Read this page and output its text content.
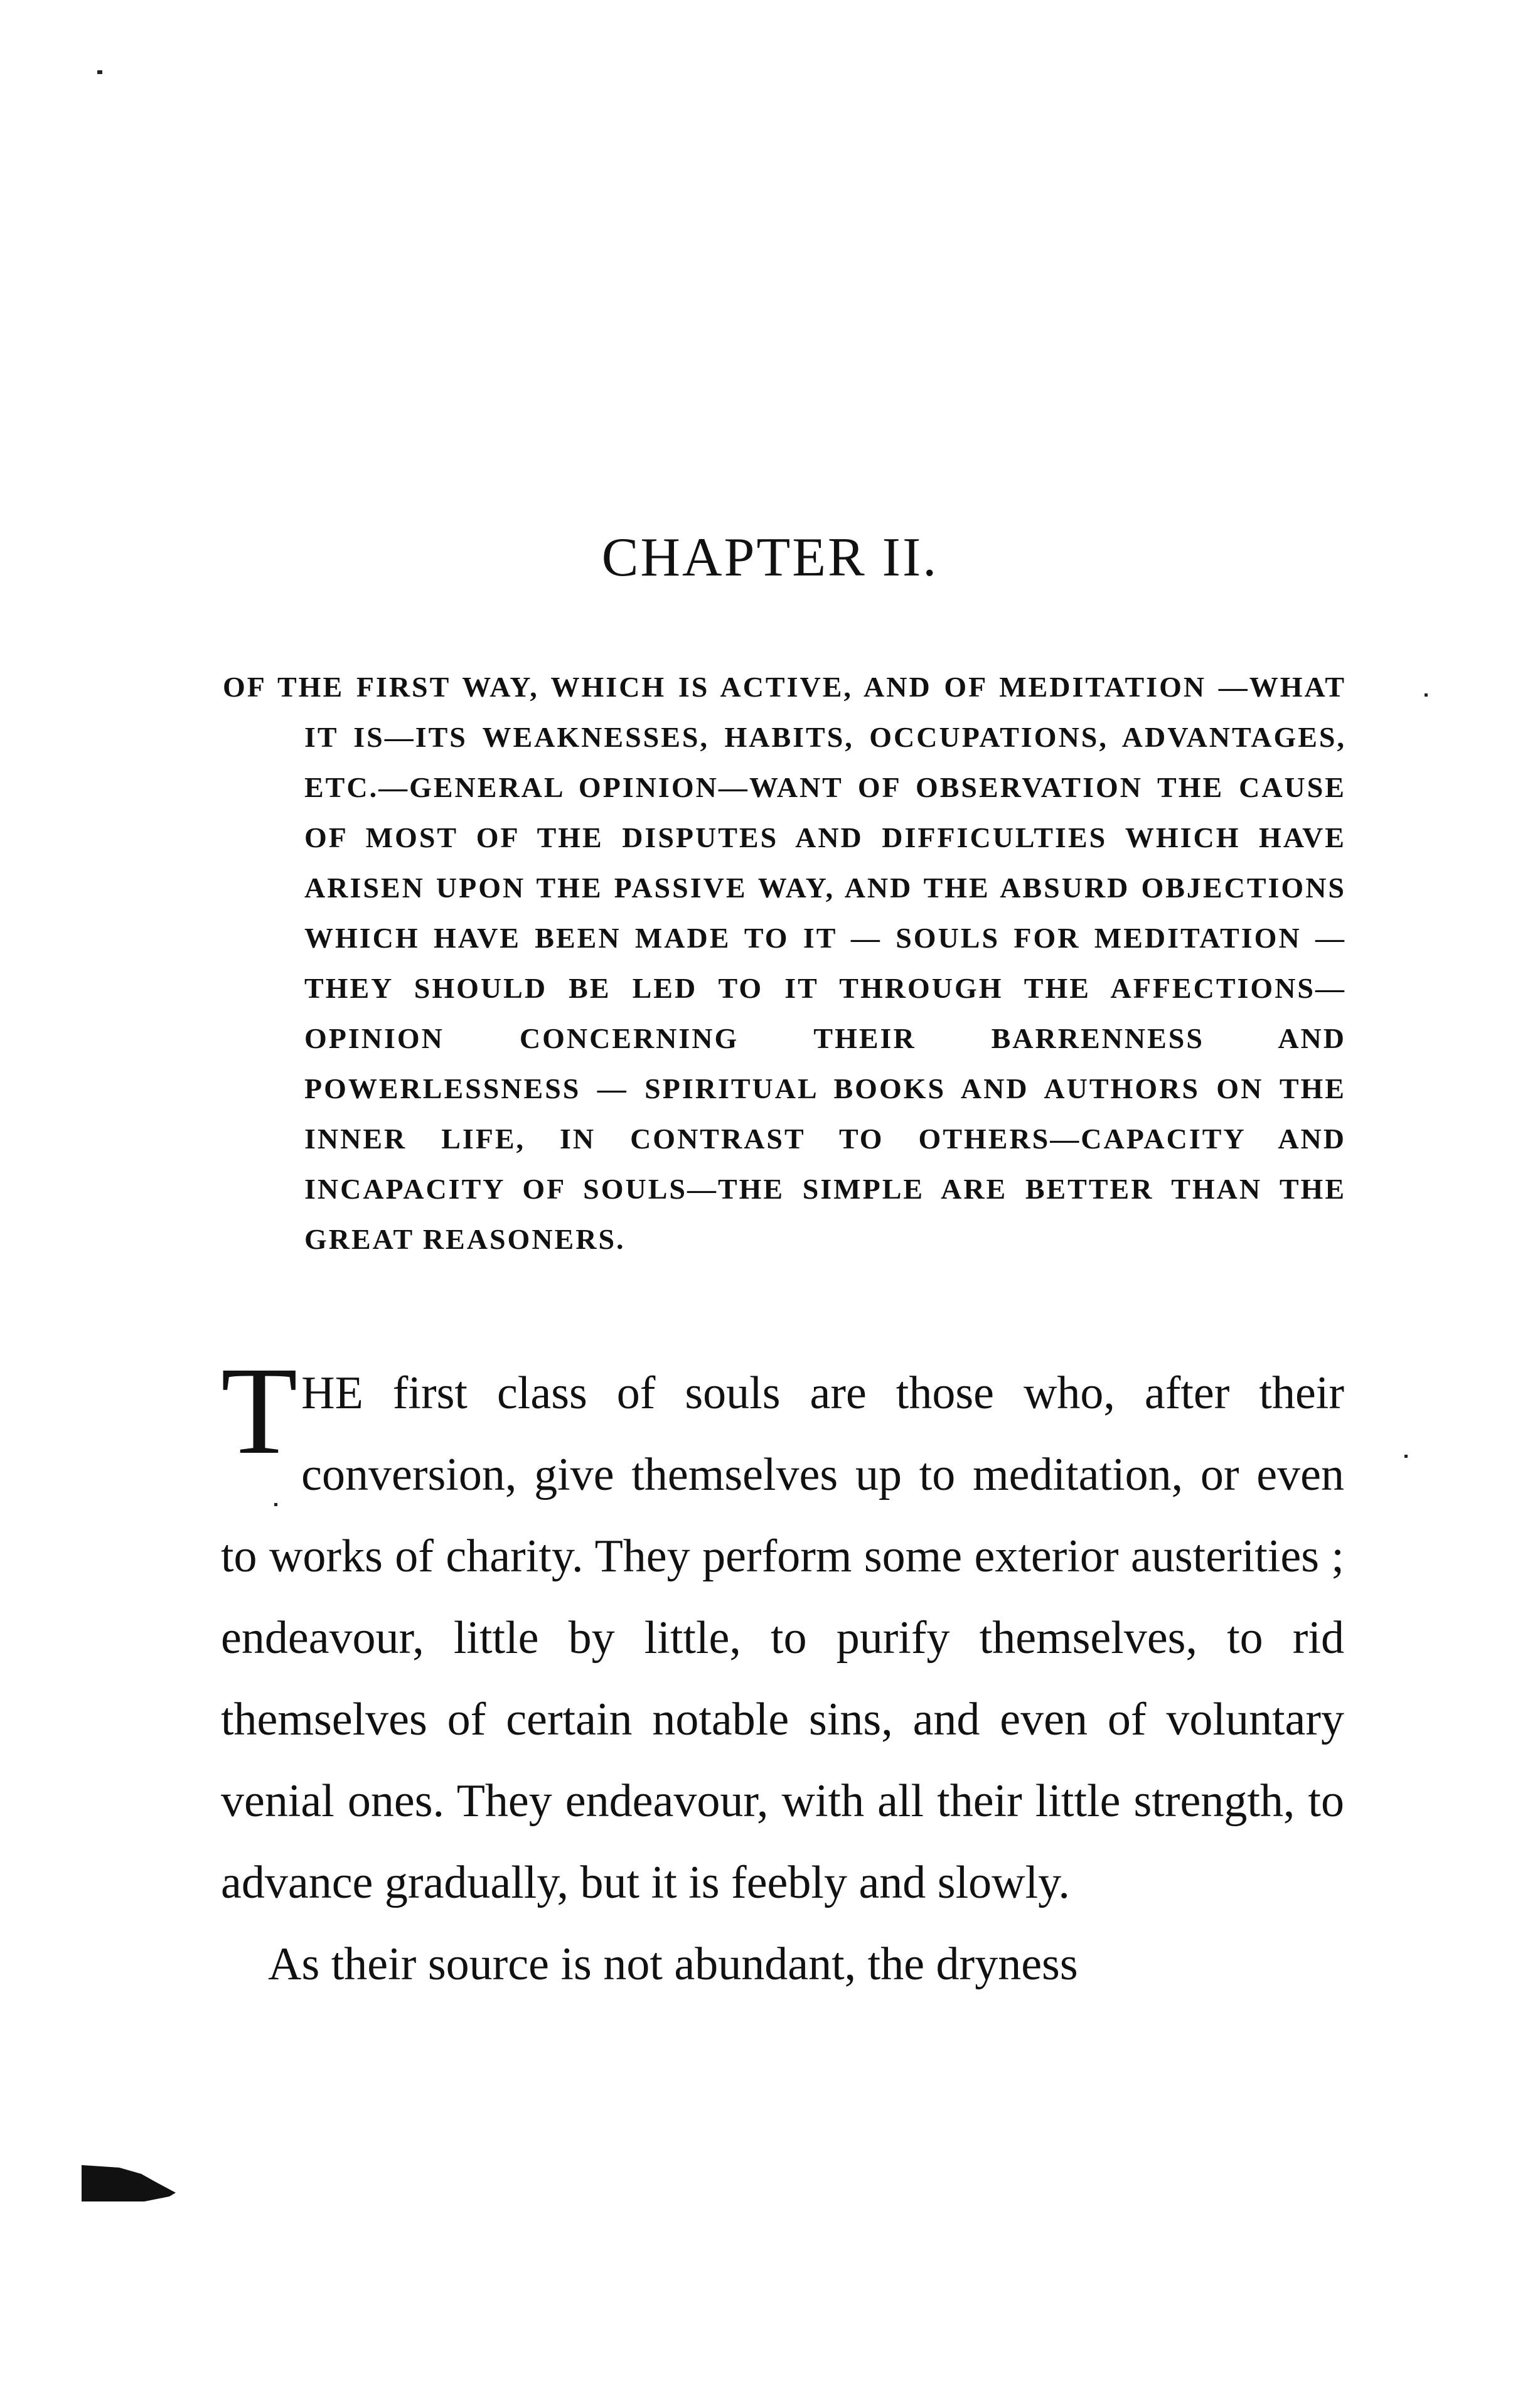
CHAPTER II.
OF THE FIRST WAY, WHICH IS ACTIVE, AND OF MEDITATION —WHAT IT IS—ITS WEAKNESSES, HABITS, OCCUPATIONS, ADVANTAGES, ETC.—GENERAL OPINION—WANT OF OBSERVATION THE CAUSE OF MOST OF THE DISPUTES AND DIFFICULTIES WHICH HAVE ARISEN UPON THE PASSIVE WAY, AND THE ABSURD OBJECTIONS WHICH HAVE BEEN MADE TO IT — SOULS FOR MEDITATION — THEY SHOULD BE LED TO IT THROUGH THE AFFECTIONS—OPINION CONCERNING THEIR BARRENNESS AND POWERLESSNESS — SPIRITUAL BOOKS AND AUTHORS ON THE INNER LIFE, IN CONTRAST TO OTHERS—CAPACITY AND INCAPACITY OF SOULS—THE SIMPLE ARE BETTER THAN THE GREAT REASONERS.

THE first class of souls are those who, after their conversion, give themselves up to meditation, or even to works of charity. They perform some exterior austerities ; endeavour, little by little, to purify themselves, to rid themselves of certain notable sins, and even of voluntary venial ones. They endeavour, with all their little strength, to advance gradually, but it is feebly and slowly.

As their source is not abundant, the dryness
